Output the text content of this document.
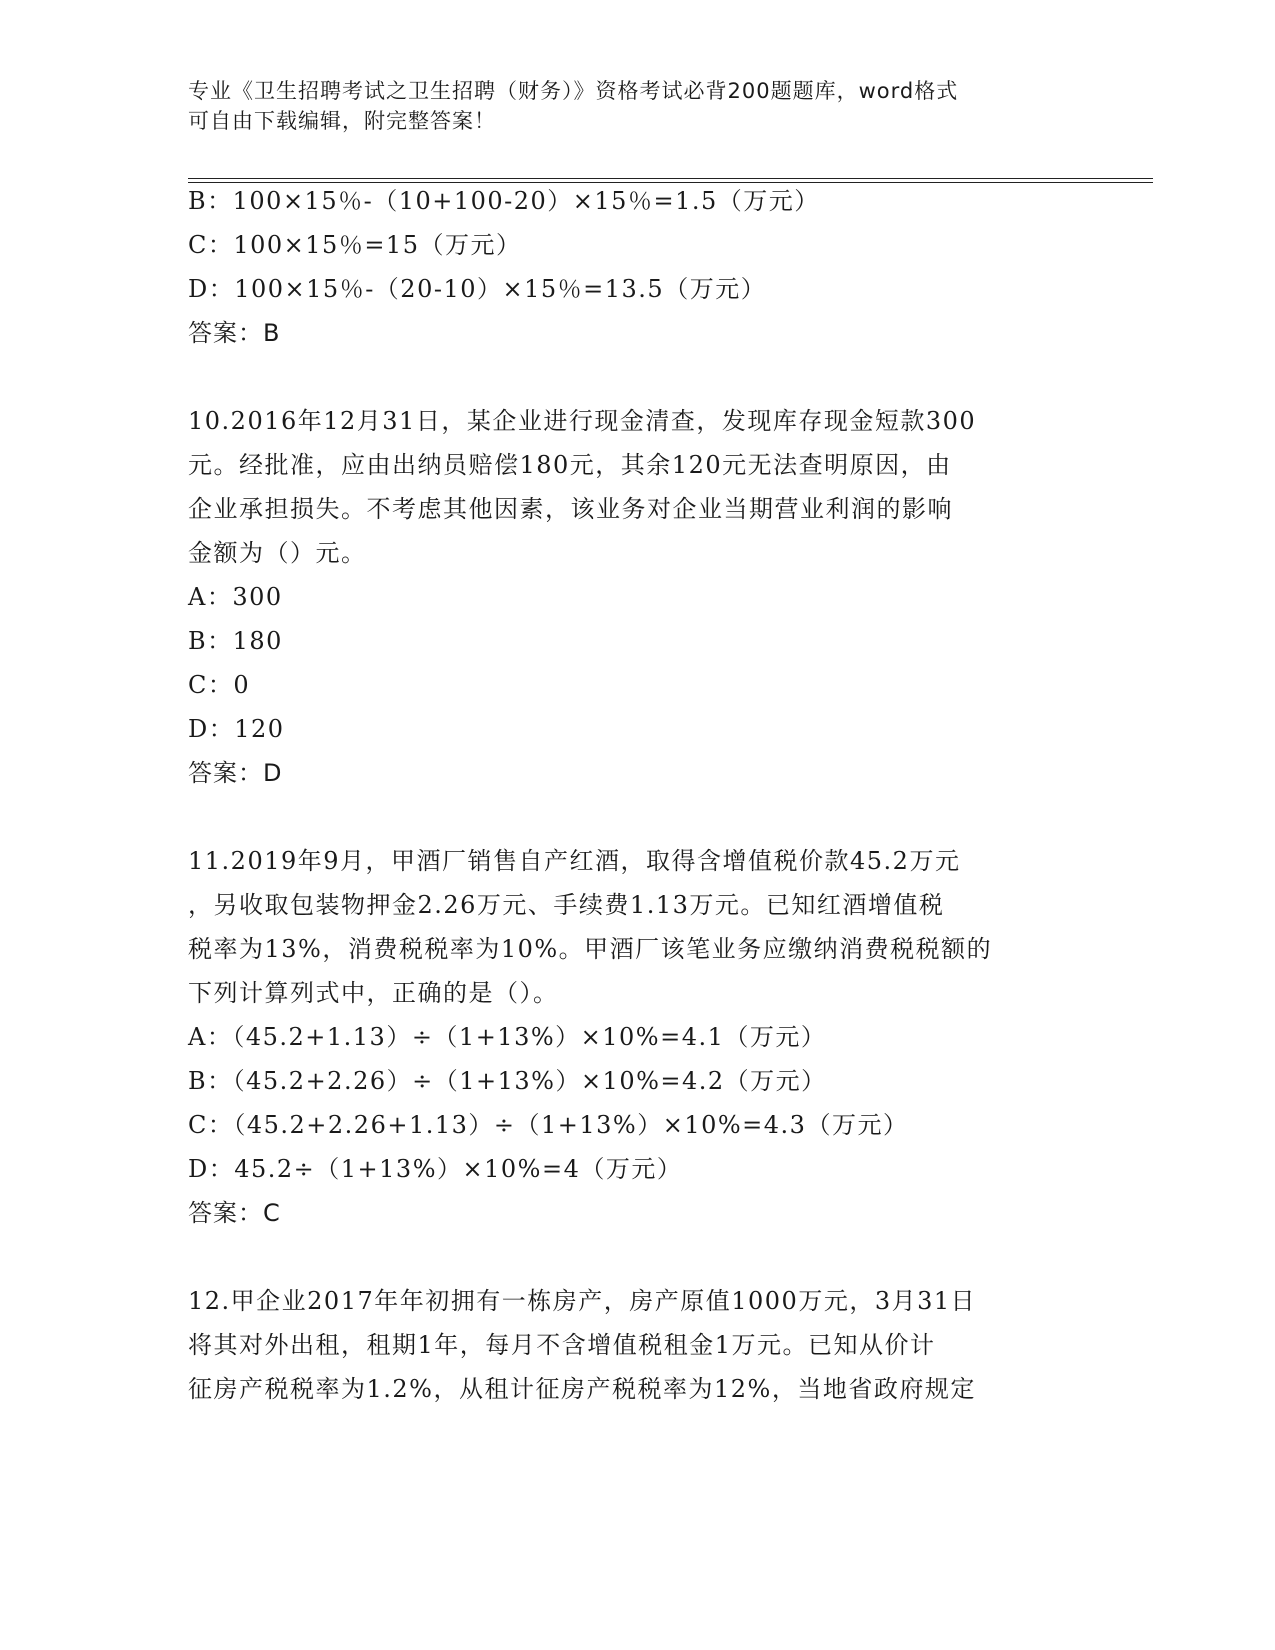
专业《卫生招聘考试之卫生招聘（财务）》资格考试必背200题题库，word格式
可自由下载编辑，附完整答案！
B：100×15％-（10+100-20）×15％=1.5（万元）
C：100×15％=15（万元）
D：100×15％-（20-10）×15％=13.5（万元）
答案：B
10.2016年12月31日，某企业进行现金清查，发现库存现金短款300
元。经批准，应由出纳员赔偿180元，其余120元无法查明原因，由
企业承担损失。不考虑其他因素，该业务对企业当期营业利润的影响
金额为（）元。
A：300
B：180
C：0
D：120
答案：D
11.2019年9月，甲酒厂销售自产红酒，取得含增值税价款45.2万元
，另收取包装物押金2.26万元、手续费1.13万元。已知红酒增值税
税率为13%，消费税税率为10%。甲酒厂该笔业务应缴纳消费税税额的
下列计算列式中，正确的是（）。
A：（45.2+1.13）÷（1+13%）×10%=4.1（万元）
B：（45.2+2.26）÷（1+13%）×10%=4.2（万元）
C：（45.2+2.26+1.13）÷（1+13%）×10%=4.3（万元）
D：45.2÷（1+13%）×10%=4（万元）
答案：C
12.甲企业2017年年初拥有一栋房产，房产原值1000万元，3月31日
将其对外出租，租期1年，每月不含增值税租金1万元。已知从价计
征房产税税率为1.2%，从租计征房产税税率为12%，当地省政府规定
